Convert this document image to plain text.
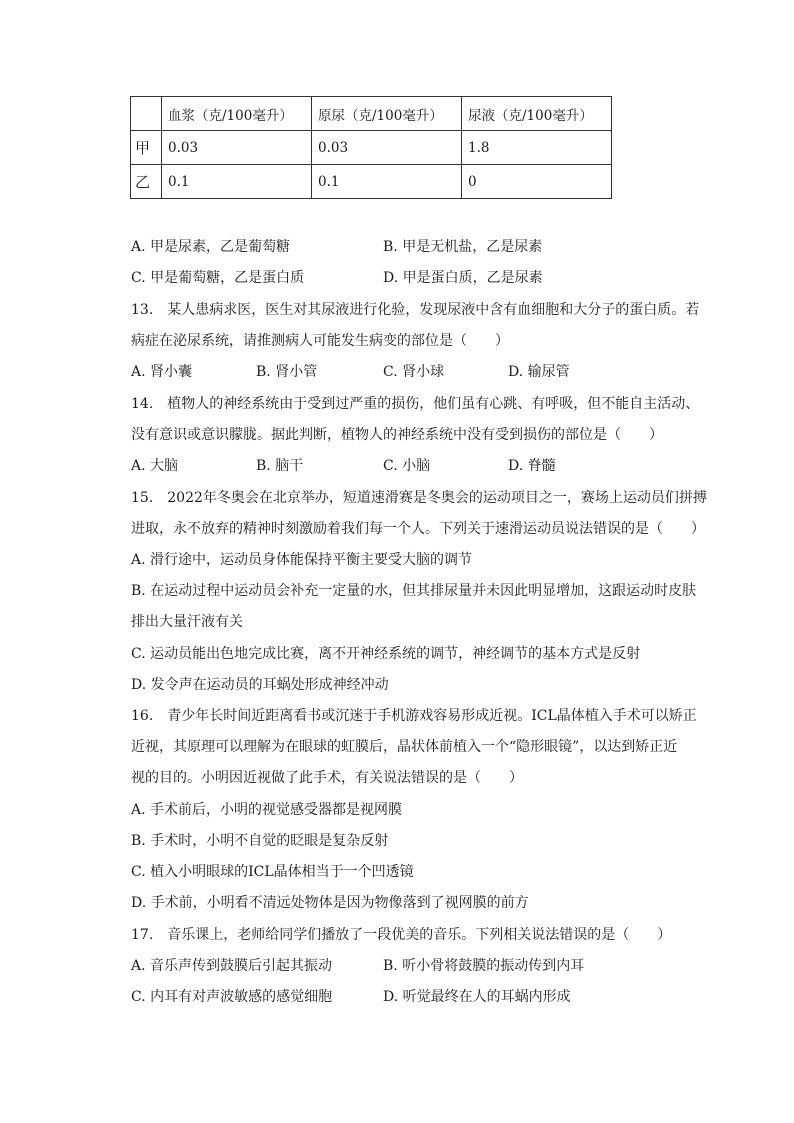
	血浆（克/100毫升）	原尿（克/100毫升）	尿液（克/100毫升）
甲	0.03	0.03	1.8
乙	0.1	0.1	0
A. 甲是尿素，乙是葡萄糖	B. 甲是无机盐，乙是尿素
C. 甲是葡萄糖，乙是蛋白质	D. 甲是蛋白质，乙是尿素
13.　某人患病求医，医生对其尿液进行化验，发现尿液中含有血细胞和大分子的蛋白质。若
病症在泌尿系统，请推测病人可能发生病变的部位是（　　）
A. 肾小囊	B. 肾小管	C. 肾小球	D. 输尿管
14.　植物人的神经系统由于受到过严重的损伤，他们虽有心跳、有呼吸，但不能自主活动、
没有意识或意识朦胧。据此判断，植物人的神经系统中没有受到损伤的部位是（　　）
A. 大脑	B. 脑干	C. 小脑	D. 脊髓
15.　2022年冬奥会在北京举办，短道速滑赛是冬奥会的运动项目之一，赛场上运动员们拼搏
进取，永不放弃的精神时刻激励着我们每一个人。下列关于速滑运动员说法错误的是（　　）
A. 滑行途中，运动员身体能保持平衡主要受大脑的调节
B. 在运动过程中运动员会补充一定量的水，但其排尿量并未因此明显增加，这跟运动时皮肤
排出大量汗液有关
C. 运动员能出色地完成比赛，离不开神经系统的调节，神经调节的基本方式是反射
D. 发令声在运动员的耳蜗处形成神经冲动
16.　青少年长时间近距离看书或沉迷于手机游戏容易形成近视。ICL晶体植入手术可以矫正
近视，其原理可以理解为在眼球的虹膜后，晶状体前植入一个“隐形眼镜”，以达到矫正近
视的目的。小明因近视做了此手术，有关说法错误的是（　　）
A. 手术前后，小明的视觉感受器都是视网膜
B. 手术时，小明不自觉的眨眼是复杂反射
C. 植入小明眼球的ICL晶体相当于一个凹透镜
D. 手术前，小明看不清远处物体是因为物像落到了视网膜的前方
17.　音乐课上，老师给同学们播放了一段优美的音乐。下列相关说法错误的是（　　）
A. 音乐声传到鼓膜后引起其振动	B. 听小骨将鼓膜的振动传到内耳
C. 内耳有对声波敏感的感觉细胞	D. 听觉最终在人的耳蜗内形成
